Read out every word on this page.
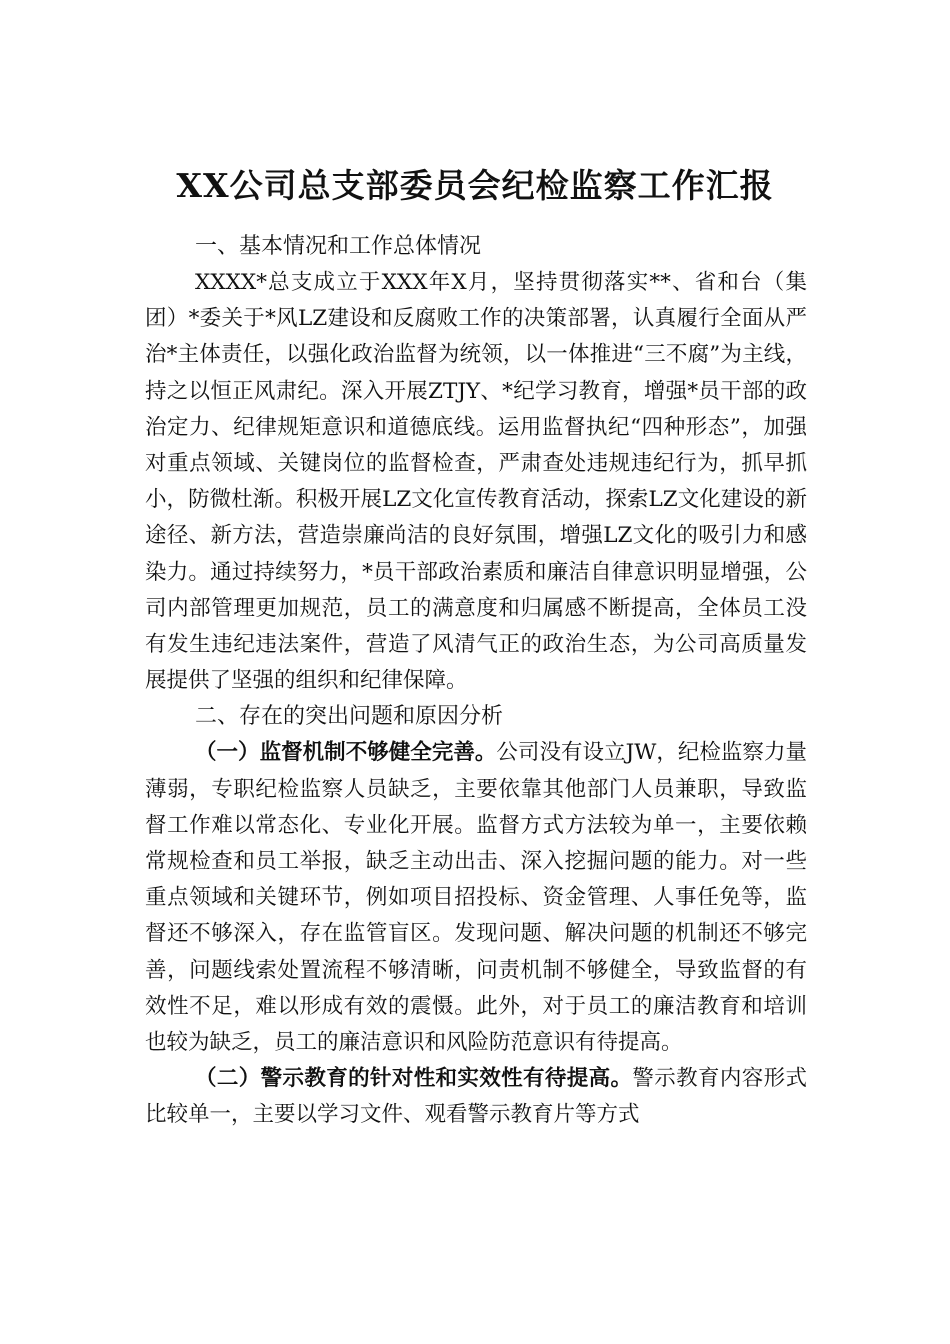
XX公司总支部委员会纪检监察工作汇报

一、基本情况和工作总体情况

XXXX*总支成立于XXX年X月，坚持贯彻落实**、省和台（集团）*委关于*风LZ建设和反腐败工作的决策部署，认真履行全面从严治*主体责任，以强化政治监督为统领，以一体推进“三不腐”为主线，持之以恒正风肃纪。深入开展ZTJY、*纪学习教育，增强*员干部的政治定力、纪律规矩意识和道德底线。运用监督执纪“四种形态”，加强对重点领域、关键岗位的监督检查，严肃查处违规违纪行为，抓早抓小，防微杜渐。积极开展LZ文化宣传教育活动，探索LZ文化建设的新途径、新方法，营造崇廉尚洁的良好氛围，增强LZ文化的吸引力和感染力。通过持续努力，*员干部政治素质和廉洁自律意识明显增强，公司内部管理更加规范，员工的满意度和归属感不断提高，全体员工没有发生违纪违法案件，营造了风清气正的政治生态，为公司高质量发展提供了坚强的组织和纪律保障。

二、存在的突出问题和原因分析

（一）监督机制不够健全完善。公司没有设立JW，纪检监察力量薄弱，专职纪检监察人员缺乏，主要依靠其他部门人员兼职，导致监督工作难以常态化、专业化开展。监督方式方法较为单一，主要依赖常规检查和员工举报，缺乏主动出击、深入挖掘问题的能力。对一些重点领域和关键环节，例如项目招投标、资金管理、人事任免等，监督还不够深入，存在监管盲区。发现问题、解决问题的机制还不够完善，问题线索处置流程不够清晰，问责机制不够健全，导致监督的有效性不足，难以形成有效的震慑。此外，对于员工的廉洁教育和培训也较为缺乏，员工的廉洁意识和风险防范意识有待提高。

（二）警示教育的针对性和实效性有待提高。警示教育内容形式比较单一，主要以学习文件、观看警示教育片等方式
